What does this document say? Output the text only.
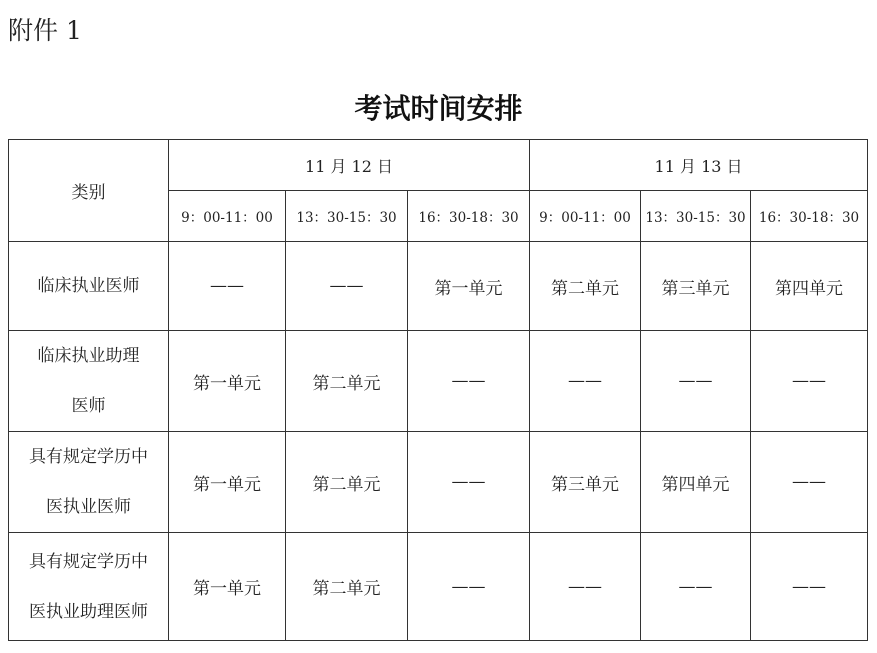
附件 1
考试时间安排
类别	11 月 12 日			11 月 13 日		
	9：00-11：00	13：30-15：30	16：30-18：30	9：00-11：00	13：30-15：30	16：30-18：30

临床执业医师	——	——	第一单元	第二单元	第三单元	第四单元

临床执业助理
医师	第一单元	第二单元	——	——	——	——

具有规定学历中
医执业医师	第一单元	第二单元	——	第三单元	第四单元	——

具有规定学历中
医执业助理医师	第一单元	第二单元	——	——	——	——
